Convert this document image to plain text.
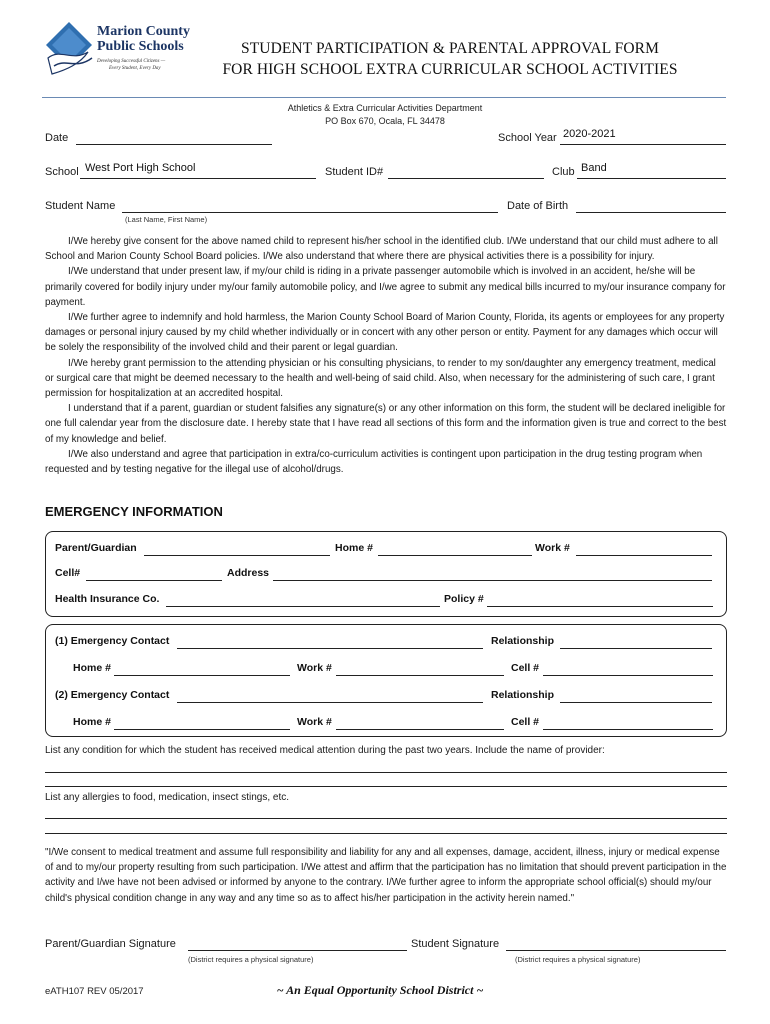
Marion County
Public Schools
Developing Successful Citizens —
Every Student, Every Day
STUDENT PARTICIPATION & PARENTAL APPROVAL FORM
FOR HIGH SCHOOL EXTRA CURRICULAR SCHOOL ACTIVITIES
Athletics & Extra Curricular Activities Department
PO Box 670, Ocala, FL 34478
Date	School Year 2020-2021
School West Port High School	Student ID#	Club Band
Student Name
(Last Name, First Name)
Date of Birth

I/We hereby give consent for the above named child to represent his/her school in the identified club. I/We understand that our child must adhere to all School and Marion County School Board policies. I/We also understand that where there are physical activities there is a possibility for injury.

I/We understand that under present law, if my/our child is riding in a private passenger automobile which is involved in an accident, he/she will be primarily covered for bodily injury under my/our family automobile policy, and I/we agree to submit any medical bills incurred to my/our insurance company for payment.

I/We further agree to indemnify and hold harmless, the Marion County School Board of Marion County, Florida, its agents or employees for any property damages or personal injury caused by my child whether individually or in concert with any other person or entity. Payment for any damages which occur will be solely the responsibility of the involved child and their parent or legal guardian.

I/We hereby grant permission to the attending physician or his consulting physicians, to render to my son/daughter any emergency treatment, medical or surgical care that might be deemed necessary to the health and well-being of said child. Also, when necessary for the administering of such care, I grant permission for hospitalization at an accredited hospital.

I understand that if a parent, guardian or student falsifies any signature(s) or any other information on this form, the student will be declared ineligible for one full calendar year from the disclosure date. I hereby state that I have read all sections of this form and the information given is true and correct to the best of my knowledge and belief.

I/We also understand and agree that participation in extra/co-curriculum activities is contingent upon participation in the drug testing program when requested and by testing negative for the illegal use of alcohol/drugs.

EMERGENCY INFORMATION
Parent/Guardian	Home #	Work #
Cell#	Address
Health Insurance Co.	Policy #
(1) Emergency Contact	Relationship
Home #	Work #	Cell #
(2) Emergency Contact	Relationship
Home #	Work #	Cell #
List any condition for which the student has received medical attention during the past two years. Include the name of provider:
List any allergies to food, medication, insect stings, etc.
"I/We consent to medical treatment and assume full responsibility and liability for any and all expenses, damage, accident, illness, injury or medical expense of and to my/our property resulting from such participation. I/We attest and affirm that the participation has no limitation that should prevent participation in the activity and I/we have not been advised or informed by anyone to the contrary. I/We further agree to inform the appropriate school official(s) should my/our child's physical condition change in any way and any time so as to affect his/her participation in the activity herein named."
Parent/Guardian Signature
(District requires a physical signature)
Student Signature
(District requires a physical signature)
eATH107 REV 05/2017	~ An Equal Opportunity School District ~
